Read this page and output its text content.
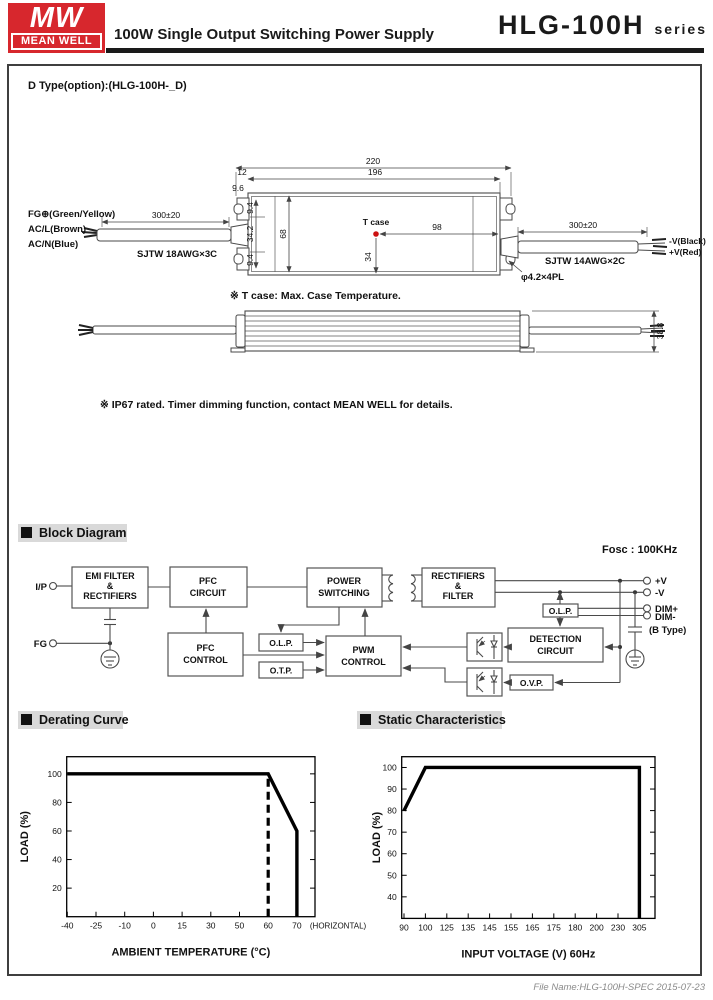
MW
MEAN WELL	100W Single Output Switching Power Supply HLG-100H series
D Type(option):(HLG-100H-_D)
220
196
12
9.6
9.4
34.2
9.4
68
T case	98
34
300±20
FG⊕(Green/Yellow)
AC/L(Brown)
AC/N(Blue)
SJTW 18AWG×3C
300±20
-V(Black)
+V(Red)
SJTW 14AWG×2C
φ4.2×4PL
※ T case: Max. Case Temperature.
38.8
※ IP67 rated. Timer dimming function, contact MEAN WELL for details.
Block Diagram
Fosc : 100KHz
I/P
FG
EMI FILTER
&
RECTIFIERS
PFC
CIRCUIT
POWER
SWITCHING
RECTIFIERS
&
FILTER
+V
-V
DIM+
DIM-
(B Type)
O.L.P.
DETECTION
CIRCUIT
O.V.P.
PFC
CONTROL
O.L.P.
O.T.P.
PWM
CONTROL
Derating Curve	Static Characteristics
20
40
60
80
100
-40 -25 -10 0	15 30 50 60 70 (HORIZONTAL)
LOAD (%)
AMBIENT TEMPERATURE (°C)
40
50
60
70
80
90
100
90 100 125 135 145 155 165 175 180 200 230 305
LOAD (%)
INPUT VOLTAGE (V) 60Hz
File Name:HLG-100H-SPEC 2015-07-23
